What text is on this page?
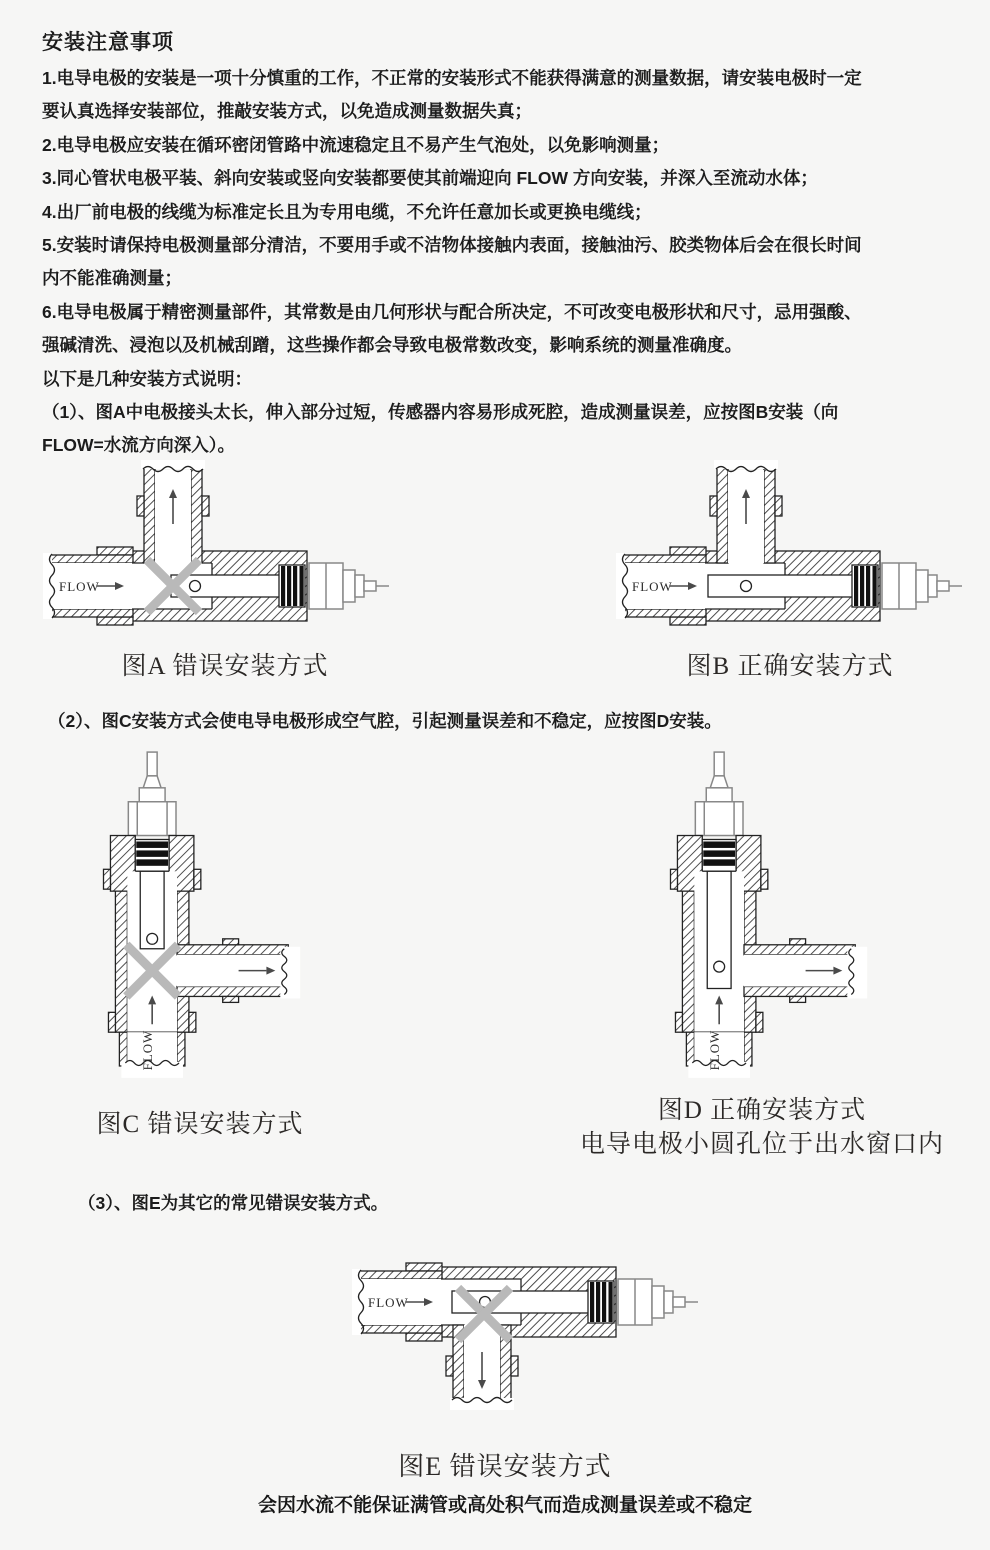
安装注意事项
1.电导电极的安装是一项十分慎重的工作，不正常的安装形式不能获得满意的测量数据，请安装电极时一定
要认真选择安装部位，推敲安装方式，以免造成测量数据失真；
2.电导电极应安装在循环密闭管路中流速稳定且不易产生气泡处，以免影响测量；
3.同心管状电极平装、斜向安装或竖向安装都要使其前端迎向 FLOW 方向安装，并深入至流动水体；
4.出厂前电极的线缆为标准定长且为专用电缆，不允许任意加长或更换电缆线；
5.安装时请保持电极测量部分清洁，不要用手或不洁物体接触内表面，接触油污、胶类物体后会在很长时间
内不能准确测量；
6.电导电极属于精密测量部件，其常数是由几何形状与配合所决定，不可改变电极形状和尺寸，忌用强酸、
强碱清洗、浸泡以及机械刮蹭，这些操作都会导致电极常数改变，影响系统的测量准确度。
以下是几种安装方式说明：
（1）、图A中电极接头太长，伸入部分过短，传感器内容易形成死腔，造成测量误差，应按图B安装（向
FLOW=水流方向深入）。
FLOW
图A 错误安装方式
FLOW
图B 正确安装方式
（2）、图C安装方式会使电导电极形成空气腔，引起测量误差和不稳定，应按图D安装。
FLOW
图C 错误安装方式
FLOW
图D 正确安装方式
电导电极小圆孔位于出水窗口内
（3）、图E为其它的常见错误安装方式。
FLOW
图E 错误安装方式
会因水流不能保证满管或高处积气而造成测量误差或不稳定
